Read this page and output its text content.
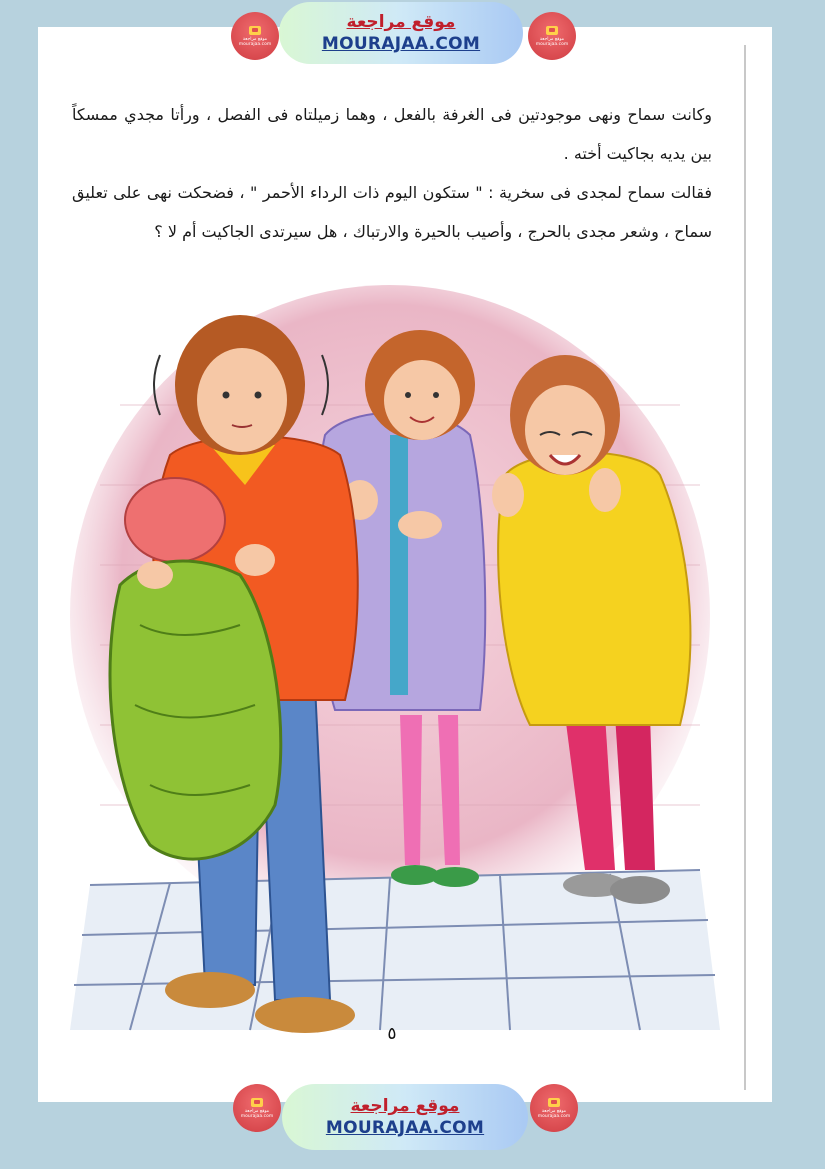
موقع مراجعة
mourajaa.com
موقع مراجعة
MOURAJAA.COM	موقع مراجعة
mourajaa.com

وكانت سماح ونهى موجودتين فى الغرفة بالفعل ، وهما زميلتاه فى الفصل ، ورأتا مجدي ممسكاً بين يديه بجاكيت أخته .

فقالت سماح لمجدى فى سخرية : " ستكون اليوم ذات الرداء الأحمر " ، فضحكت نهى على تعليق سماح ، وشعر مجدى بالحرج ، وأصيب بالحيرة والارتباك ، هل سيرتدى الجاكيت أم لا ؟

٥
موقع مراجعة
mourajaa.com	موقع مراجعة
MOURAJAA.COM
موقع مراجعة
mourajaa.com
